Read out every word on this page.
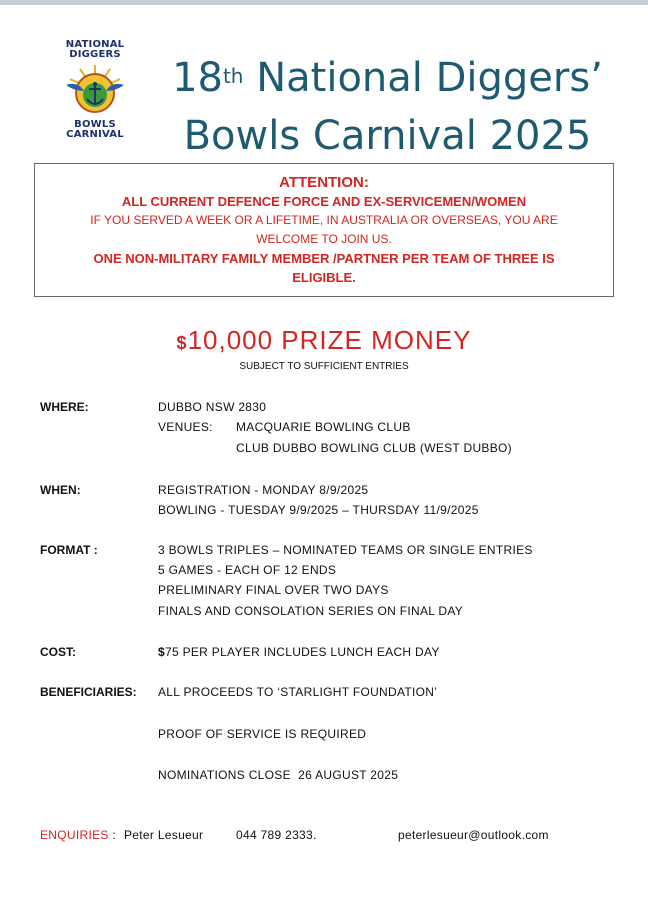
NATIONAL
DIGGERS
BOWLS
CARNIVAL
18th National Diggers’
Bowls Carnival 2025
ATTENTION:
ALL CURRENT DEFENCE FORCE AND EX-SERVICEMEN/WOMEN
IF YOU SERVED A WEEK OR A LIFETIME, IN AUSTRALIA OR OVERSEAS, YOU ARE
WELCOME TO JOIN US.
ONE NON-MILITARY FAMILY MEMBER /PARTNER PER TEAM OF THREE IS
ELIGIBLE.
$10,000 PRIZE MONEY
SUBJECT TO SUFFICIENT ENTRIES
WHERE:	DUBBO NSW 2830
VENUES: MACQUARIE BOWLING CLUB
CLUB DUBBO BOWLING CLUB (WEST DUBBO)
WHEN:	REGISTRATION - MONDAY 8/9/2025
BOWLING - TUESDAY 9/9/2025 – THURSDAY 11/9/2025
FORMAT :	3 BOWLS TRIPLES – NOMINATED TEAMS OR SINGLE ENTRIES
5 GAMES - EACH OF 12 ENDS
PRELIMINARY FINAL OVER TWO DAYS
FINALS AND CONSOLATION SERIES ON FINAL DAY
COST:	$75 PER PLAYER INCLUDES LUNCH EACH DAY
BENEFICIARIES: ALL PROCEEDS TO ‘STARLIGHT FOUNDATION’
PROOF OF SERVICE IS REQUIRED
NOMINATIONS CLOSE  26 AUGUST 2025
ENQUIRIES : Peter Lesueur	044 789 2333.	peterlesueur@outlook.com
